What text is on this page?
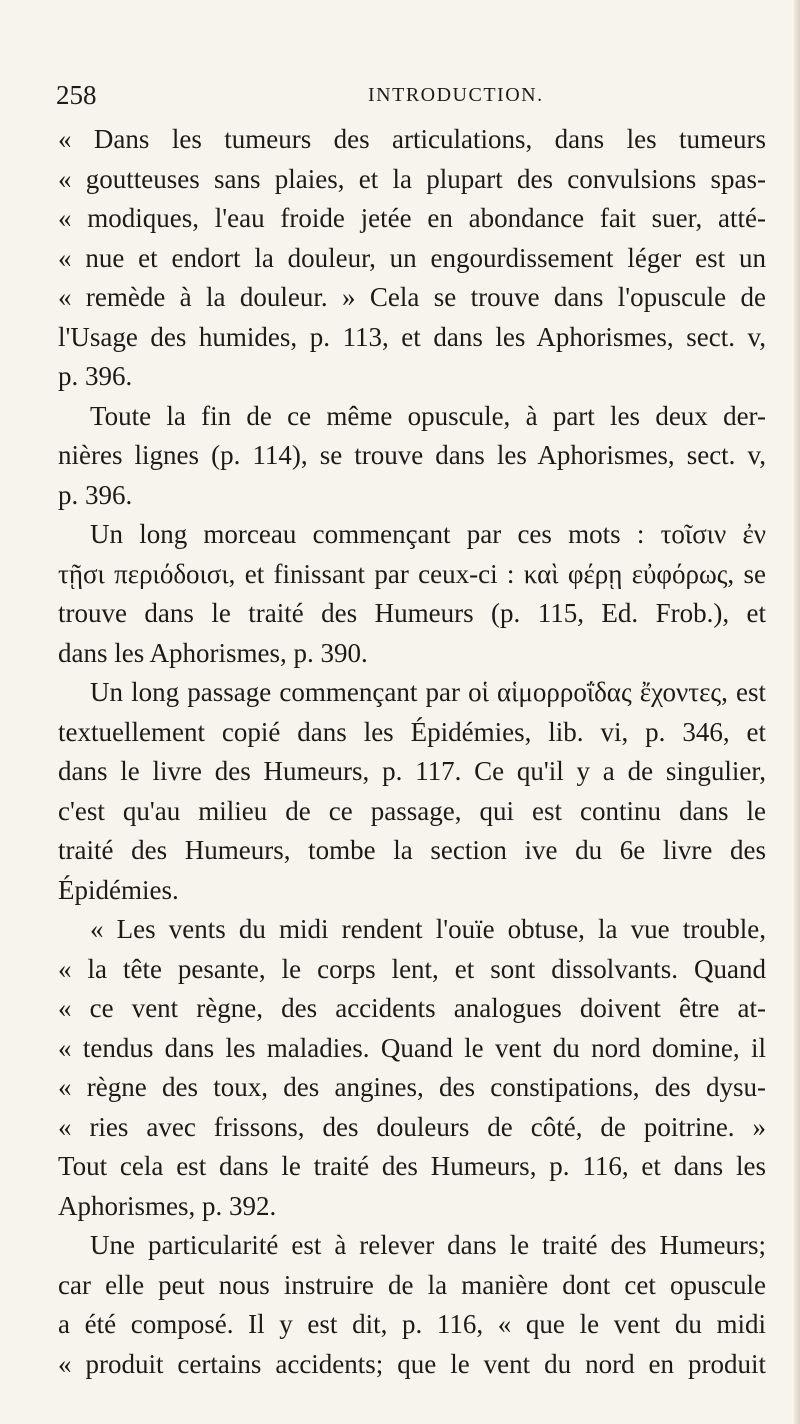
258	INTRODUCTION.
« Dans les tumeurs des articulations, dans les tumeurs
« goutteuses sans plaies, et la plupart des convulsions spas-
« modiques, l'eau froide jetée en abondance fait suer, atté-
« nue et endort la douleur, un engourdissement léger est un
« remède à la douleur. » Cela se trouve dans l'opuscule de
l'Usage des humides, p. 113, et dans les Aphorismes, sect. v,
p. 396.
Toute la fin de ce même opuscule, à part les deux der-
nières lignes (p. 114), se trouve dans les Aphorismes, sect. v,
p. 396.
Un long morceau commençant par ces mots : τοῖσιν ἐν
τῇσι περιόδοισι, et finissant par ceux-ci : καὶ φέρῃ εὐφόρως, se
trouve dans le traité des Humeurs (p. 115, Ed. Frob.), et
dans les Aphorismes, p. 390.
Un long passage commençant par οἱ αἱμορροΐδας ἔχοντες, est
textuellement copié dans les Épidémies, lib. vi, p. 346, et
dans le livre des Humeurs, p. 117. Ce qu'il y a de singulier,
c'est qu'au milieu de ce passage, qui est continu dans le
traité des Humeurs, tombe la section ive du 6e livre des
Épidémies.
« Les vents du midi rendent l'ouïe obtuse, la vue trouble,
« la tête pesante, le corps lent, et sont dissolvants. Quand
« ce vent règne, des accidents analogues doivent être at-
« tendus dans les maladies. Quand le vent du nord domine, il
« règne des toux, des angines, des constipations, des dysu-
« ries avec frissons, des douleurs de côté, de poitrine. »
Tout cela est dans le traité des Humeurs, p. 116, et dans les
Aphorismes, p. 392.
Une particularité est à relever dans le traité des Humeurs;
car elle peut nous instruire de la manière dont cet opuscule
a été composé. Il y est dit, p. 116, « que le vent du midi
« produit certains accidents; que le vent du nord en produit
